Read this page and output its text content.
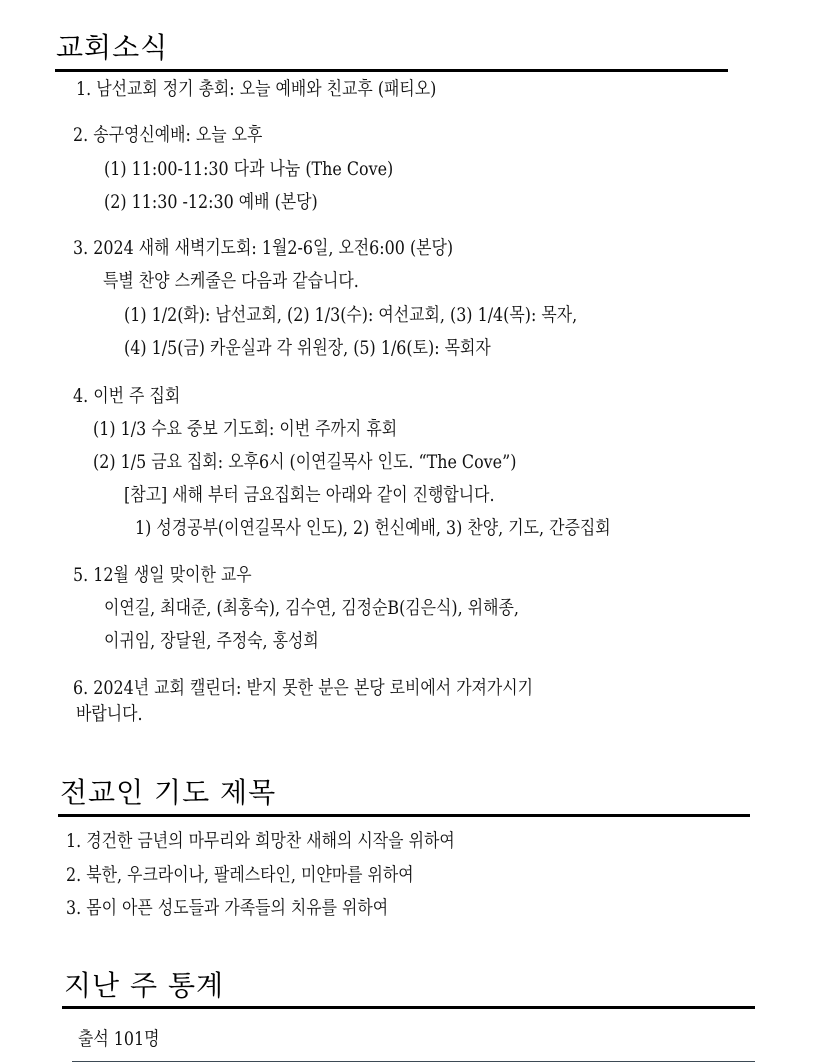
교회소식
1. 남선교회 정기 총회: 오늘 예배와 친교후 (패티오)
2. 송구영신예배: 오늘 오후
(1) 11:00-11:30 다과 나눔 (The Cove)
(2) 11:30 -12:30 예배 (본당)
3. 2024 새해 새벽기도회: 1월2-6일, 오전6:00 (본당)
특별 찬양 스케줄은 다음과 같습니다.
(1) 1/2(화): 남선교회, (2) 1/3(수): 여선교회, (3) 1/4(목): 목자,
(4) 1/5(금) 카운실과 각 위원장, (5) 1/6(토): 목회자
4. 이번 주 집회
(1) 1/3 수요 중보 기도회: 이번 주까지 휴회
(2) 1/5 금요 집회: 오후6시 (이연길목사 인도. “The Cove”)
[참고] 새해 부터 금요집회는 아래와 같이 진행합니다.
1) 성경공부(이연길목사 인도), 2) 헌신예배, 3) 찬양, 기도, 간증집회
5. 12월 생일 맞이한 교우
이연길, 최대준, (최홍숙), 김수연, 김정순B(김은식), 위해종,
이귀임, 장달원, 주정숙, 홍성희
6. 2024년 교회 캘린더: 받지 못한 분은 본당 로비에서 가져가시기
바랍니다.
전교인 기도 제목
1. 경건한 금년의 마무리와 희망찬 새해의 시작을 위하여
2. 북한, 우크라이나, 팔레스타인, 미얀마를 위하여
3. 몸이 아픈 성도들과 가족들의 치유를 위하여
지난 주 통계
출석 101명
